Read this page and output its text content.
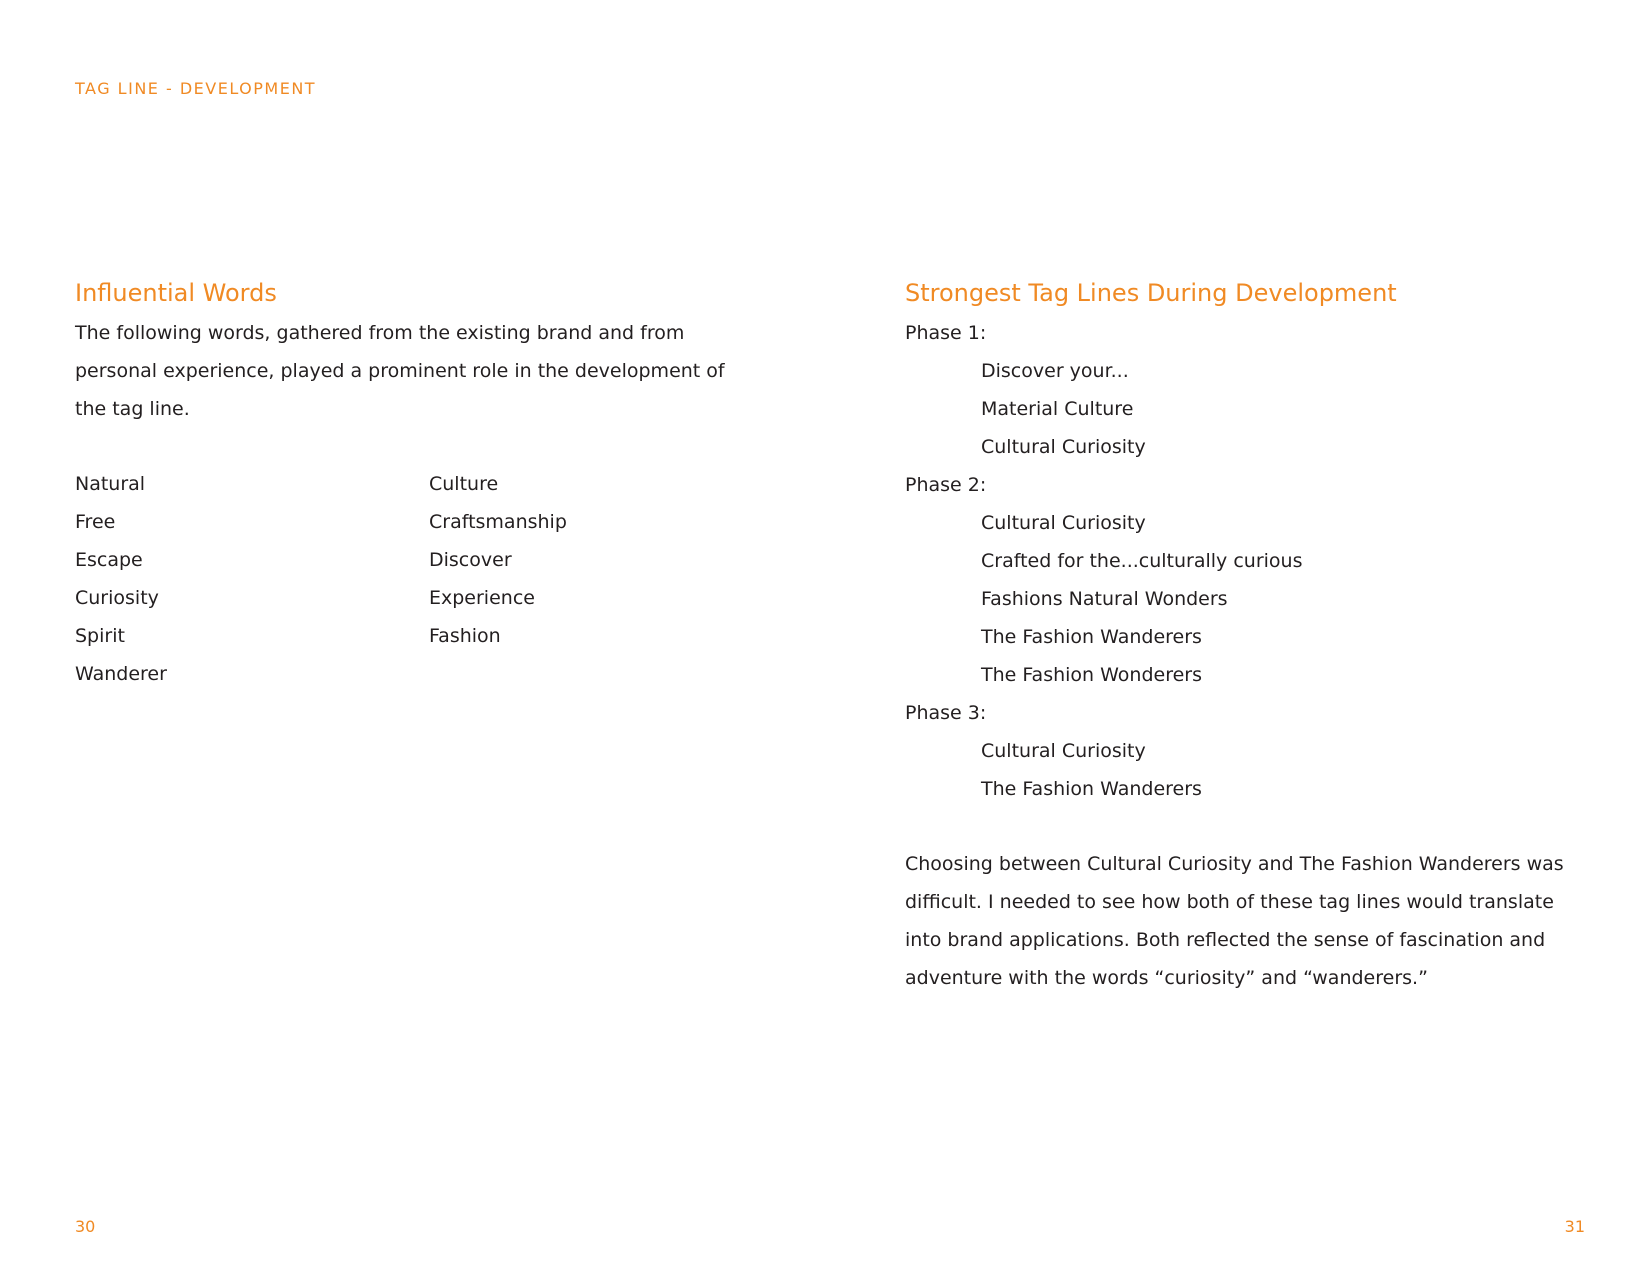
TAG LINE - DEVELOPMENT
Influential Words
The following words, gathered from the existing brand and from
personal experience, played a prominent role in the development of
the tag line.
Natural
Free
Escape
Curiosity
Spirit
Wanderer
Culture
Craftsmanship
Discover
Experience
Fashion
30
Strongest Tag Lines During Development
Phase 1:
Discover your...
Material Culture
Cultural Curiosity
Phase 2:
Cultural Curiosity
Crafted for the...culturally curious
Fashions Natural Wonders
The Fashion Wanderers
The Fashion Wonderers
Phase 3:
Cultural Curiosity
The Fashion Wanderers
Choosing between Cultural Curiosity and The Fashion Wanderers was
difficult. I needed to see how both of these tag lines would translate
into brand applications. Both reflected the sense of fascination and
adventure with the words “curiosity” and “wanderers.”
31
